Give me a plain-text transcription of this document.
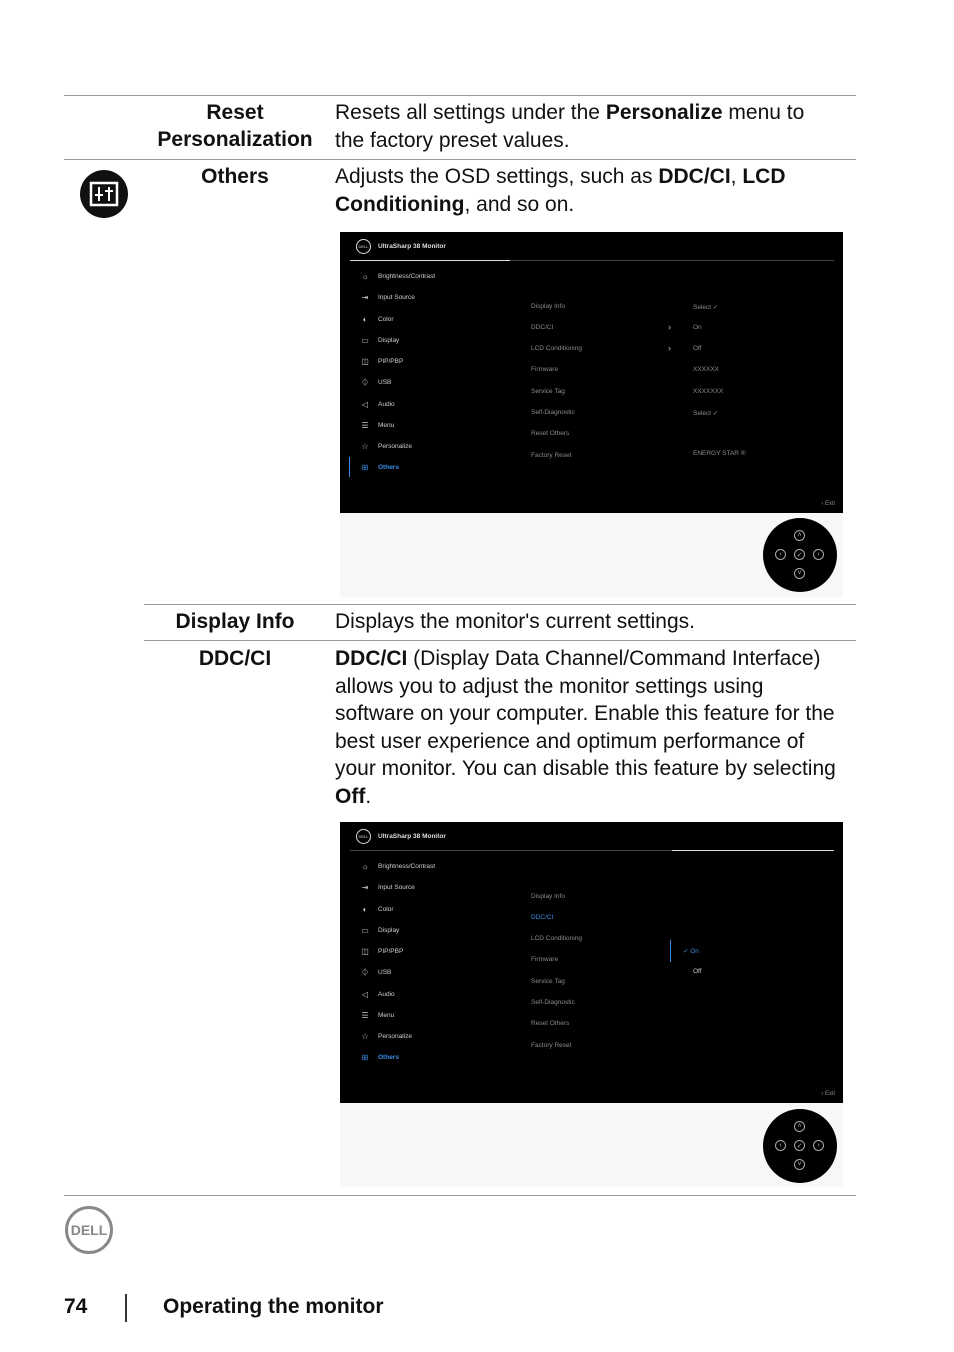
Reset
Personalization
Resets all settings under the Personalize menu to
the factory preset values.
Others	Adjusts the OSD settings, such as DDC/CI, LCD
Conditioning, and so on.
DELL	UltraSharp 38 Monitor
☼ Brightness/Contrast
⇥ Input Source
◐	Color
▭ Display
◫ PIP/PBP
⏀ USB
◁ Audio
☰ Menu
☆ Personalize
⊞ Others
Display Info
DDC/CI
LCD Conditioning
Firmware
Service Tag
Self-Diagnostic
Reset Others
Factory Reset
›
›
Select ✓
On
Off
XXXXXX
XXXXXXX
Select ✓
ENERGY STAR ®
‹ Exit
˄
‹	✓	›
˅
Display Info	Displays the monitor's current settings.
DDC/CI	DDC/CI (Display Data Channel/Command Interface)
allows you to adjust the monitor settings using
software on your computer. Enable this feature for the
best user experience and optimum performance of
your monitor. You can disable this feature by selecting
Off.
DELL	UltraSharp 38 Monitor
☼ Brightness/Contrast
⇥ Input Source
◐	Color
▭ Display
◫ PIP/PBP
⏀ USB
◁ Audio
☰ Menu
☆ Personalize
⊞ Others
Display Info
DDC/CI
LCD Conditioning
Firmware
Service Tag
Self-Diagnostic
Reset Others
Factory Reset
✓ On
Off
‹ Exit
˄
‹	✓	›
˅
DELL
74	Operating the monitor
